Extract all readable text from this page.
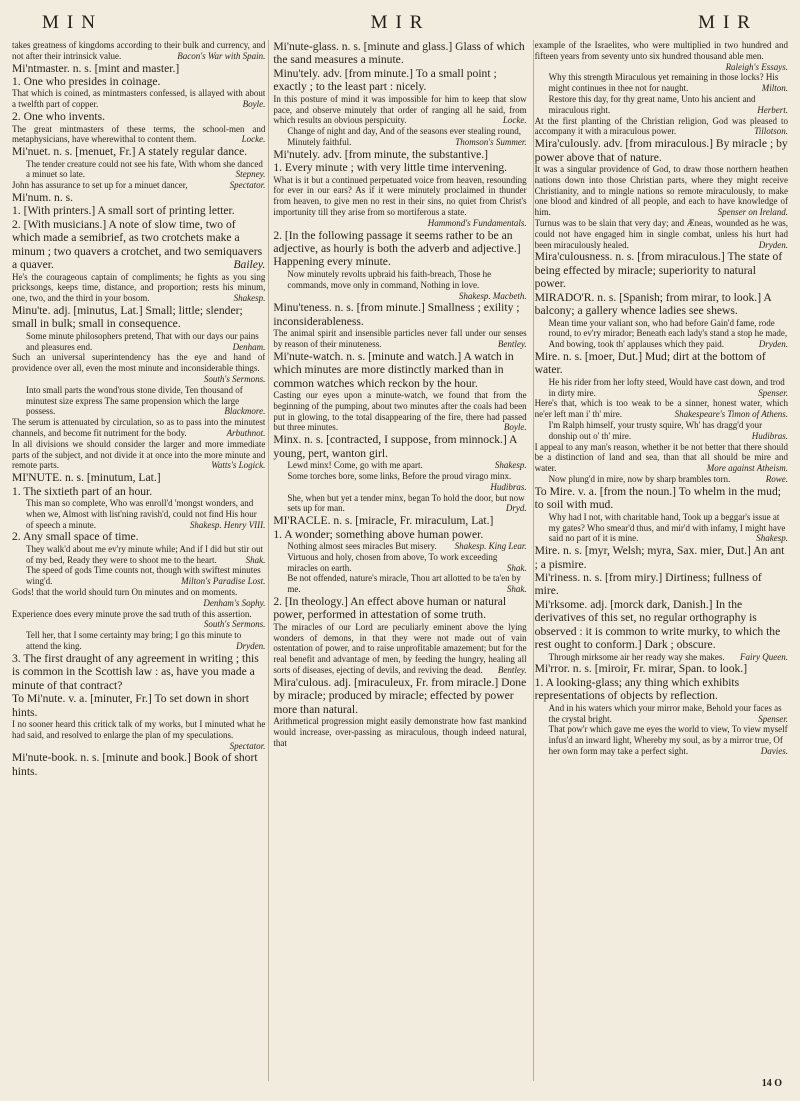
MIN	MIR	MIR

takes greatness of kingdoms according to their bulk and currency, and not after their intrinsick value.	Bacon's War with Spain.

Mi'ntmaster. n. s. [mint and master.]

1. One who presides in coinage.

That which is coined, as mintmasters confessed, is allayed with about a twelfth part of copper.	Boyle.

2. One who invents.

The great mintmasters of these terms, the school-men and metaphysicians, have wherewithal to content them.	Locke.

Mi'nuet. n. s. [menuet, Fr.] A stately regular dance.

The tender creature could not see his fate, With whom she danced a minuet so late.	Stepney.

John has assurance to set up for a minuet dancer,	Spectator.

Mi'num. n. s.

1. [With printers.] A small sort of printing letter.

2. [With musicians.] A note of slow time, two of which made a semibrief, as two crotchets make a minum ; two quavers a crotchet, and two semiquavers a quaver.	Bailey.

He's the courageous captain of compliments; he fights as you sing pricksongs, keeps time, distance, and proportion; rests his minum, one, two, and the third in your bosom.	Shakesp.

Minu'te. adj. [minutus, Lat.] Small; little; slender; small in bulk; small in consequence.

Some minute philosophers pretend, That with our days our pains and pleasures end.	Denham.

Such an universal superintendency has the eye and hand of providence over all, even the most minute and inconsiderable things.
South's Sermons.

Into small parts the wond'rous stone divide, Ten thousand of minutest size express The same propension which the large possess.	Blackmore.

The serum is attenuated by circulation, so as to pass into the minutest channels, and become fit nutriment for the body.	Arbuthnot.

In all divisions we should consider the larger and more immediate parts of the subject, and not divide it at once into the more minute and remote parts.	Watts's Logick.

MI'NUTE. n. s. [minutum, Lat.]

1. The sixtieth part of an hour.

This man so complete, Who was enroll'd 'mongst wonders, and when we, Almost with list'ning ravish'd, could not find His hour of speech a minute.	Shakesp. Henry VIII.

2. Any small space of time.

They walk'd about me ev'ry minute while; And if I did but stir out of my bed, Ready they were to shoot me to the heart.	Shak.

The speed of gods Time counts not, though with swiftest minutes wing'd.	Milton's Paradise Lost.

Gods! that the world should turn On minutes and on moments.
Denham's Sophy.

Experience does every minute prove the sad truth of this assertion.
South's Sermons.

Tell her, that I some certainty may bring; I go this minute to attend the king.	Dryden.

3. The first draught of any agreement in writing ; this is common in the Scottish law : as, have you made a minute of that contract?

To Mi'nute. v. a. [minuter, Fr.] To set down in short hints.

I no sooner heard this critick talk of my works, but I minuted what he had said, and resolved to enlarge the plan of my speculations.
Spectator.

Mi'nute-book. n. s. [minute and book.] Book of short hints.

Mi'nute-glass. n. s. [minute and glass.] Glass of which the sand measures a minute.

Minu'tely. adv. [from minute.] To a small point ; exactly ; to the least part : nicely.

In this posture of mind it was impossible for him to keep that slow pace, and observe minutely that order of ranging all he said, from which results an obvious perspicuity.	Locke.

Change of night and day, And of the seasons ever stealing round, Minutely faithful.	Thomson's Summer.

Mi'nutely. adv. [from minute, the substantive.]

1. Every minute ; with very little time intervening.

What is it but a continued perpetuated voice from heaven, resounding for ever in our ears? As if it were minutely proclaimed in thunder from heaven, to give men no rest in their sins, no quiet from Christ's importunity till they arise from so mortiferous a state.
Hammond's Fundamentals.

2. [In the following passage it seems rather to be an adjective, as hourly is both the adverb and adjective.] Happening every minute.

Now minutely revolts upbraid his faith-breach, Those he commands, move only in command, Nothing in love.
Shakesp. Macbeth.

Minu'teness. n. s. [from minute.] Smallness ; exility ; inconsiderableness.

The animal spirit and insensible particles never fall under our senses by reason of their minuteness.	Bentley.

Mi'nute-watch. n. s. [minute and watch.] A watch in which minutes are more distinctly marked than in common watches which reckon by the hour.

Casting our eyes upon a minute-watch, we found that from the beginning of the pumping, about two minutes after the coals had been put in glowing, to the total disappearing of the fire, there had passed but three minutes.	Boyle.

Minx. n. s. [contracted, I suppose, from minnock.] A young, pert, wanton girl.

Lewd minx! Come, go with me apart.	Shakesp.

Some torches bore, some links, Before the proud virago minx.
Hudibras.

She, when but yet a tender minx, began To hold the door, but now sets up for man.	Dryd.

MI'RACLE. n. s. [miracle, Fr. miraculum, Lat.]

1. A wonder; something above human power.

Nothing almost sees miracles But misery.	Shakesp. King Lear.

Virtuous and holy, chosen from above, To work exceeding miracles on earth.	Shak.

Be not offended, nature's miracle, Thou art allotted to be ta'en by me.	Shak.

2. [In theology.] An effect above human or natural power, performed in attestation of some truth.

The miracles of our Lord are peculiarly eminent above the lying wonders of demons, in that they were not made out of vain ostentation of power, and to raise unprofitable amazement; but for the real benefit and advantage of men, by feeding the hungry, healing all sorts of diseases, ejecting of devils, and reviving the dead.	Bentley.

Mira'culous. adj. [miraculeux, Fr. from miracle.] Done by miracle; produced by miracle; effected by power more than natural.

Arithmetical progression might easily demonstrate how fast mankind would increase, over-passing as miraculous, though indeed natural, that

example of the Israelites, who were multiplied in two hundred and fifteen years from seventy unto six hundred thousand able men.
Raleigh's Essays.

Why this strength Miraculous yet remaining in those locks? His might continues in thee not for naught.	Milton.

Restore this day, for thy great name, Unto his ancient and miraculous right.	Herbert.

At the first planting of the Christian religion, God was pleased to accompany it with a miraculous power.	Tillotson.

Mira'culously. adv. [from miraculous.] By miracle ; by power above that of nature.

It was a singular providence of God, to draw those northern heathen nations down into those Christian parts, where they might receive Christianity, and to mingle nations so remote miraculously, to make one blood and kindred of all people, and each to have knowledge of him.	Spenser on Ireland.

Turnus was to be slain that very day; and Æneas, wounded as he was, could not have engaged him in single combat, unless his hurt had been miraculously healed.	Dryden.

Mira'culousness. n. s. [from miraculous.] The state of being effected by miracle; superiority to natural power.

MIRADO'R. n. s. [Spanish; from mirar, to look.] A balcony; a gallery whence ladies see shews.

Mean time your valiant son, who had before Gain'd fame, rode round, to ev'ry mirador; Beneath each lady's stand a stop he made, And bowing, took th' applauses which they paid.	Dryden.

Mire. n. s. [moer, Dut.] Mud; dirt at the bottom of water.

He his rider from her lofty steed, Would have cast down, and trod in dirty mire.	Spenser.

Here's that, which is too weak to be a sinner, honest water, which ne'er left man i' th' mire.	Shakespeare's Timon of Athens.

I'm Ralph himself, your trusty squire, Wh' has dragg'd your donship out o' th' mire.	Hudibras.

I appeal to any man's reason, whether it be not better that there should be a distinction of land and sea, than that all should be mire and water.	More against Atheism.

Now plung'd in mire, now by sharp brambles torn.	Rowe.

To Mire. v. a. [from the noun.] To whelm in the mud; to soil with mud.

Why had I not, with charitable hand, Took up a beggar's issue at my gates? Who smear'd thus, and mir'd with infamy, I might have said no part of it is mine.	Shakesp.

Mire. n. s. [myr, Welsh; myra, Sax. mier, Dut.] An ant ; a pismire.

Mi'riness. n. s. [from miry.] Dirtiness; fullness of mire.

Mi'rksome. adj. [morck dark, Danish.] In the derivatives of this set, no regular orthography is observed : it is common to write murky, to which the rest ought to conform.] Dark ; obscure.

Through mirksome air her ready way she makes.	Fairy Queen.

Mi'rror. n. s. [miroir, Fr. mirar, Span. to look.]

1. A looking-glass; any thing which exhibits representations of objects by reflection.

And in his waters which your mirror make, Behold your faces as the crystal bright.	Spenser.

That pow'r which gave me eyes the world to view, To view myself infus'd an inward light, Whereby my soul, as by a mirror true, Of her own form may take a perfect sight.	Davies.

14 O
